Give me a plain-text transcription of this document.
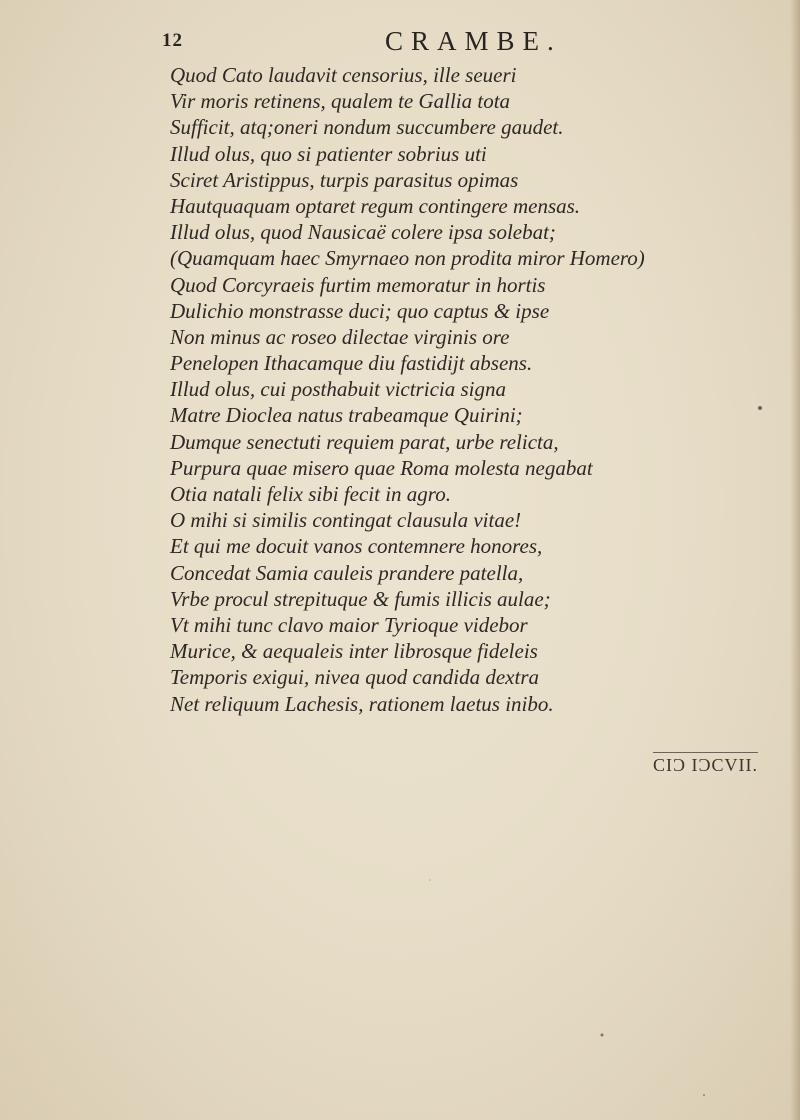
12	CRAMBE.
Quod Cato laudavit censorius, ille seueri
Vir moris retinens, qualem te Gallia tota
Sufficit, atq;oneri nondum succumbere gaudet.
Illud olus, quo si patienter sobrius uti
Sciret Aristippus, turpis parasitus opimas
Hautquaquam optaret regum contingere mensas.
Illud olus, quod Nausicaë colere ipsa solebat;
(Quamquam haec Smyrnaeo non prodita miror Homero)
Quod Corcyraeis furtim memoratur in hortis
Dulichio monstrasse duci; quo captus & ipse
Non minus ac roseo dilectae virginis ore
Penelopen Ithacamque diu fastidijt absens.
Illud olus, cui posthabuit victricia signa
Matre Dioclea natus trabeamque Quirini;
Dumque senectuti requiem parat, urbe relicta,
Purpura quae misero quae Roma molesta negabat
Otia natali felix sibi fecit in agro.
O mihi si similis contingat clausula vitae!
Et qui me docuit vanos contemnere honores,
Concedat Samia cauleis prandere patella,
Vrbe procul strepituque & fumis illicis aulae;
Vt mihi tunc clavo maior Tyrioque videbor
Murice, & aequaleis inter librosque fideleis
Temporis exigui, nivea quod candida dextra
Net reliquum Lachesis, rationem laetus inibo.
CIƆ IƆCVII.
